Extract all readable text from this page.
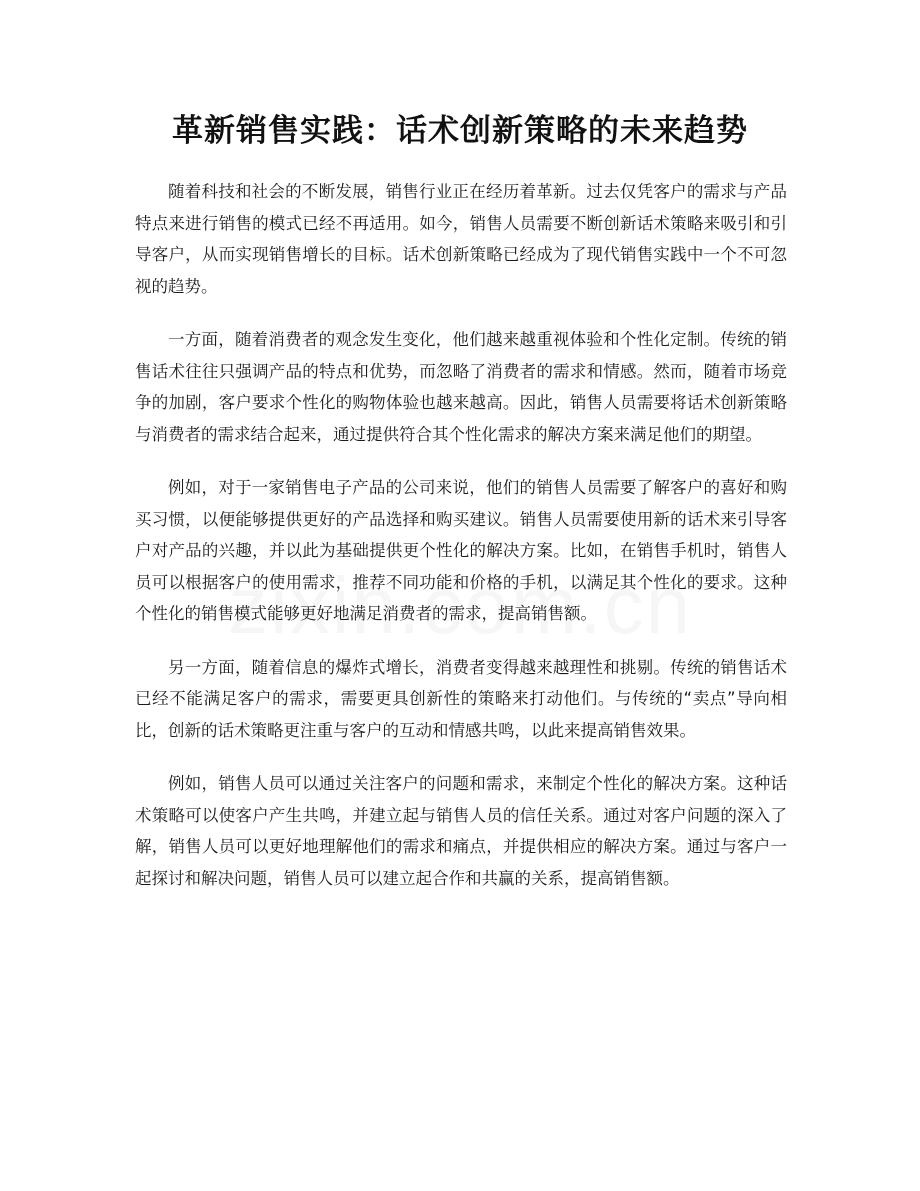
革新销售实践：话术创新策略的未来趋势

随着科技和社会的不断发展，销售行业正在经历着革新。过去仅凭客户的需求与产品特点来进行销售的模式已经不再适用。如今，销售人员需要不断创新话术策略来吸引和引导客户，从而实现销售增长的目标。话术创新策略已经成为了现代销售实践中一个不可忽视的趋势。

一方面，随着消费者的观念发生变化，他们越来越重视体验和个性化定制。传统的销售话术往往只强调产品的特点和优势，而忽略了消费者的需求和情感。然而，随着市场竞争的加剧，客户要求个性化的购物体验也越来越高。因此，销售人员需要将话术创新策略与消费者的需求结合起来，通过提供符合其个性化需求的解决方案来满足他们的期望。

例如，对于一家销售电子产品的公司来说，他们的销售人员需要了解客户的喜好和购买习惯，以便能够提供更好的产品选择和购买建议。销售人员需要使用新的话术来引导客户对产品的兴趣，并以此为基础提供更个性化的解决方案。比如，在销售手机时，销售人员可以根据客户的使用需求，推荐不同功能和价格的手机，以满足其个性化的要求。这种个性化的销售模式能够更好地满足消费者的需求，提高销售额。

另一方面，随着信息的爆炸式增长，消费者变得越来越理性和挑剔。传统的销售话术已经不能满足客户的需求，需要更具创新性的策略来打动他们。与传统的“卖点”导向相比，创新的话术策略更注重与客户的互动和情感共鸣，以此来提高销售效果。

例如，销售人员可以通过关注客户的问题和需求，来制定个性化的解决方案。这种话术策略可以使客户产生共鸣，并建立起与销售人员的信任关系。通过对客户问题的深入了解，销售人员可以更好地理解他们的需求和痛点，并提供相应的解决方案。通过与客户一起探讨和解决问题，销售人员可以建立起合作和共赢的关系，提高销售额。
